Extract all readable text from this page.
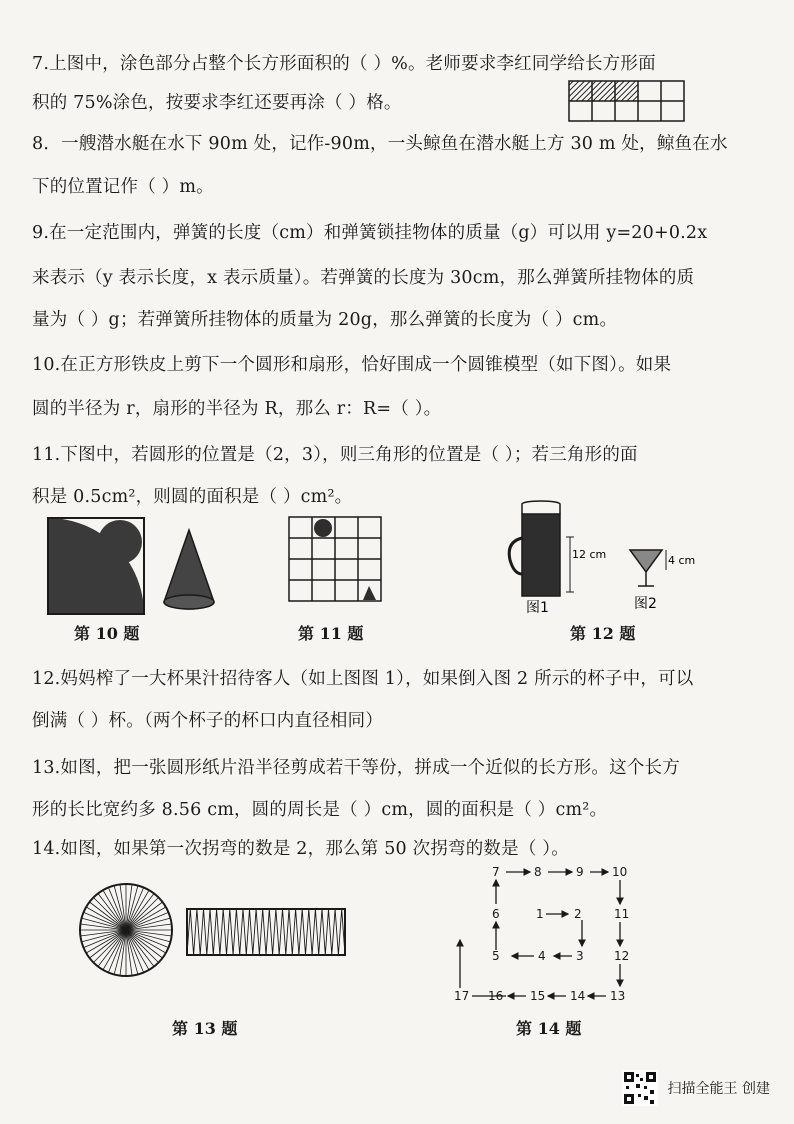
7.上图中，涂色部分占整个长方形面积的（ ）%。老师要求李红同学给长方形面
积的 75%涂色，按要求李红还要再涂（ ）格。
8．一艘潜水艇在水下 90m 处，记作-90m，一头鲸鱼在潜水艇上方 30 m 处，鲸鱼在水
下的位置记作（ ）m。
9.在一定范围内，弹簧的长度（cm）和弹簧锁挂物体的质量（g）可以用 y=20+0.2x
来表示（y 表示长度，x 表示质量）。若弹簧的长度为 30cm，那么弹簧所挂物体的质
量为（ ）g；若弹簧所挂物体的质量为 20g，那么弹簧的长度为（ ）cm。
10.在正方形铁皮上剪下一个圆形和扇形，恰好围成一个圆锥模型（如下图）。如果
圆的半径为 r，扇形的半径为 R，那么 r：R=（ ）。
11.下图中，若圆形的位置是（2，3），则三角形的位置是（ ）；若三角形的面
积是 0.5cm²，则圆的面积是（ ）cm²。
第 10 题	第 11 题
12 cm	4 cm
图1	图2
第 12 题
12.妈妈榨了一大杯果汁招待客人（如上图图 1），如果倒入图 2 所示的杯子中，可以
倒满（ ）杯。（两个杯子的杯口内直径相同）
13.如图，把一张圆形纸片沿半径剪成若干等份，拼成一个近似的长方形。这个长方
形的长比宽约多 8.56 cm，圆的周长是（ ）cm，圆的面积是（ ）cm²。
14.如图，如果第一次拐弯的数是 2，那么第 50 次拐弯的数是（ ）。
第 13 题
1	2
3
4
5
6
7	8	9 10
11
12
13
14
15
16
17
第 14 题
扫描全能王 创建
